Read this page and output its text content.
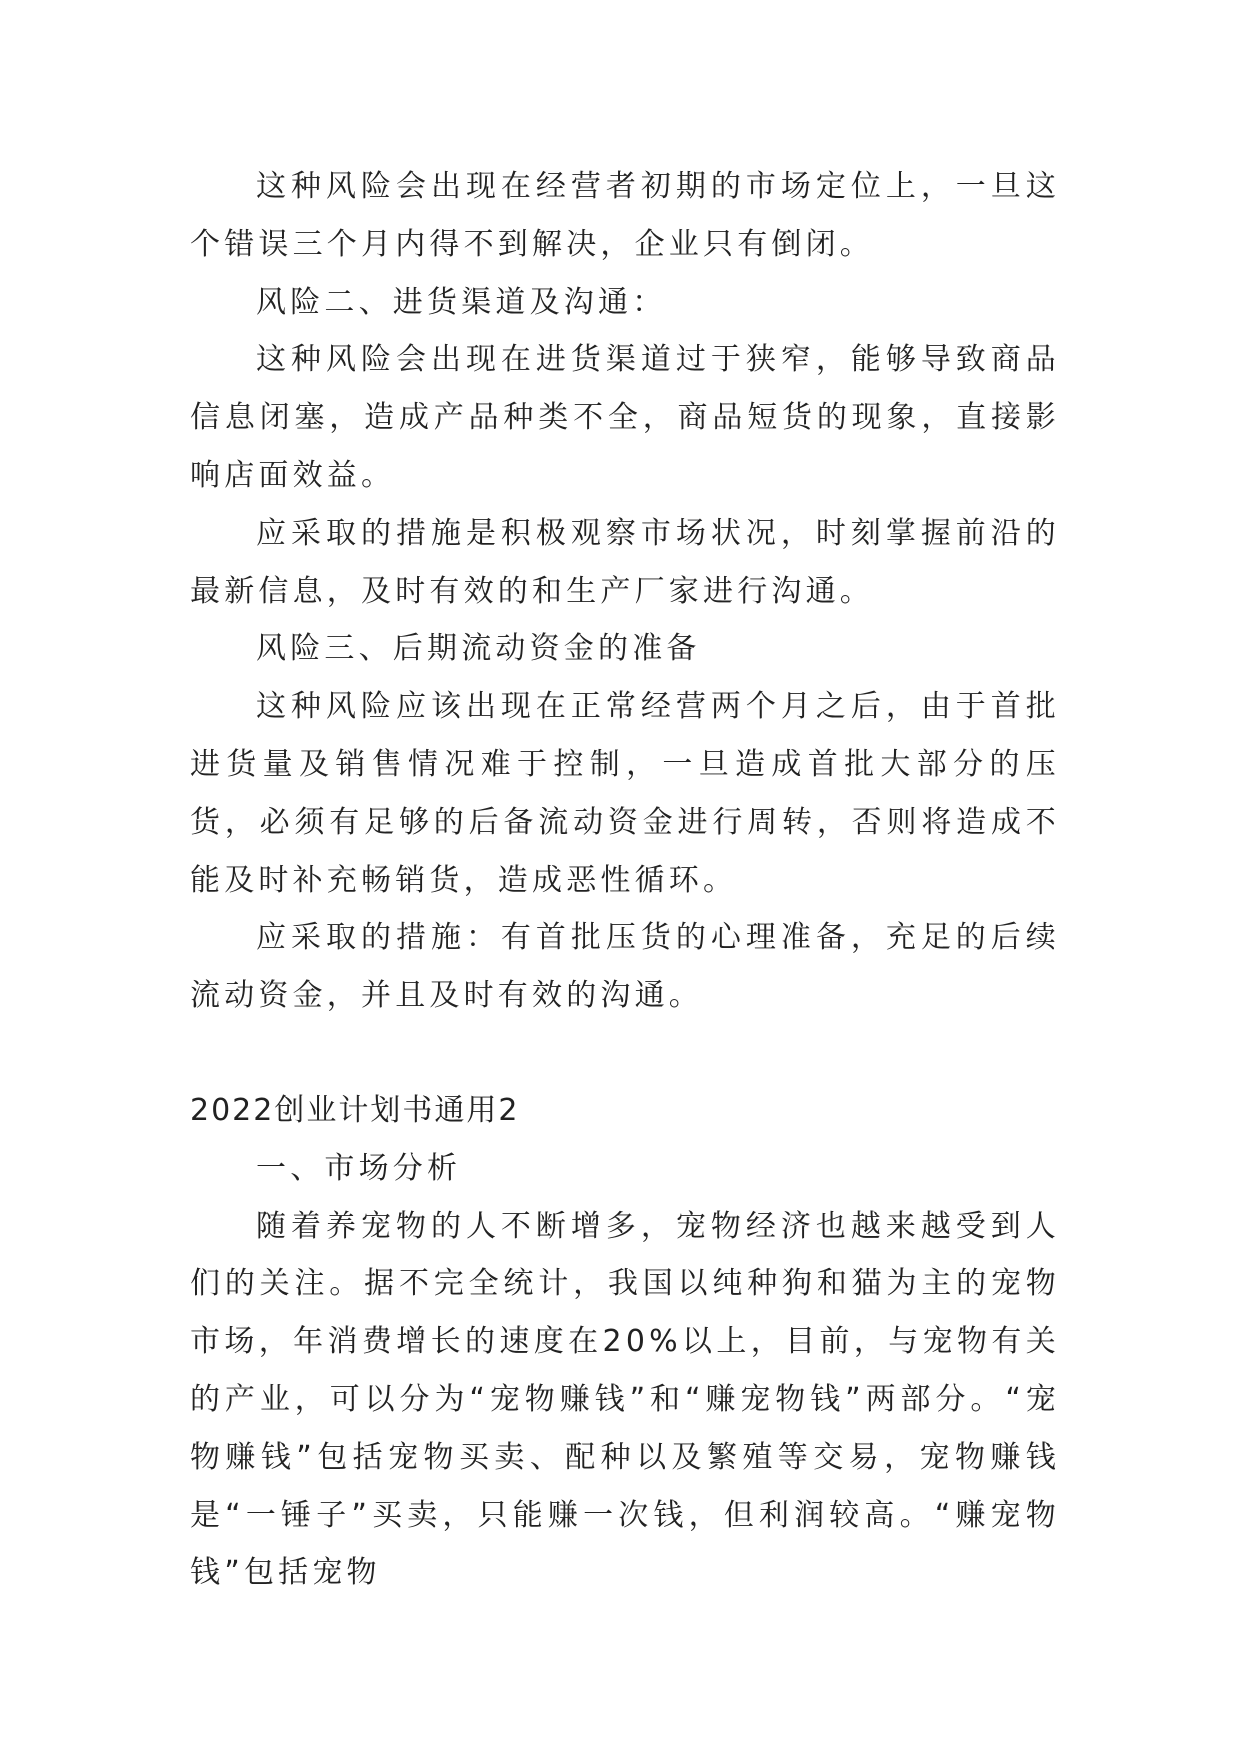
这种风险会出现在经营者初期的市场定位上，一旦这个错误三个月内得不到解决，企业只有倒闭。

风险二、进货渠道及沟通：

这种风险会出现在进货渠道过于狭窄，能够导致商品信息闭塞，造成产品种类不全，商品短货的现象，直接影响店面效益。

应采取的措施是积极观察市场状况，时刻掌握前沿的最新信息，及时有效的和生产厂家进行沟通。

风险三、后期流动资金的准备

这种风险应该出现在正常经营两个月之后，由于首批进货量及销售情况难于控制，一旦造成首批大部分的压货，必须有足够的后备流动资金进行周转，否则将造成不能及时补充畅销货，造成恶性循环。

应采取的措施：有首批压货的心理准备，充足的后续流动资金，并且及时有效的沟通。

2022创业计划书通用2

一、市场分析

随着养宠物的人不断增多，宠物经济也越来越受到人们的关注。据不完全统计，我国以纯种狗和猫为主的宠物市场，年消费增长的速度在20%以上，目前，与宠物有关的产业，可以分为“宠物赚钱”和“赚宠物钱”两部分。“宠物赚钱”包括宠物买卖、配种以及繁殖等交易，宠物赚钱是“一锤子”买卖，只能赚一次钱，但利润较高。“赚宠物钱”包括宠物
